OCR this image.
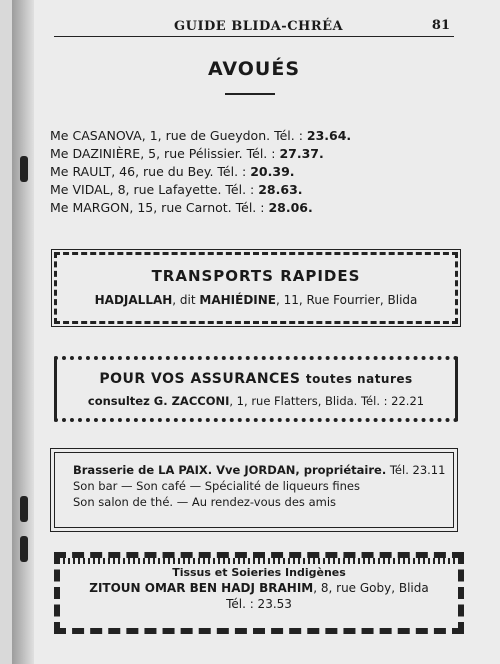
GUIDE BLIDA-CHRÉA	81
AVOUÉS
Me CASANOVA, 1, rue de Gueydon. Tél. : 23.64.
Me DAZINIÈRE, 5, rue Pélissier. Tél. : 27.37.
Me RAULT, 46, rue du Bey. Tél. : 20.39.
Me VIDAL, 8, rue Lafayette. Tél. : 28.63.
Me MARGON, 15, rue Carnot. Tél. : 28.06.
TRANSPORTS RAPIDES
HADJALLAH, dit MAHIÉDINE, 11, Rue Fourrier, Blida
POUR VOS ASSURANCES toutes natures
consultez G. ZACCONI, 1, rue Flatters, Blida. Tél. : 22.21
Brasserie de LA PAIX. Vve JORDAN, propriétaire. Tél. 23.11
Son bar — Son café — Spécialité de liqueurs fines
Son salon de thé. — Au rendez-vous des amis
Tissus et Soieries Indigènes
ZITOUN OMAR BEN HADJ BRAHIM, 8, rue Goby, Blida
Tél. : 23.53
